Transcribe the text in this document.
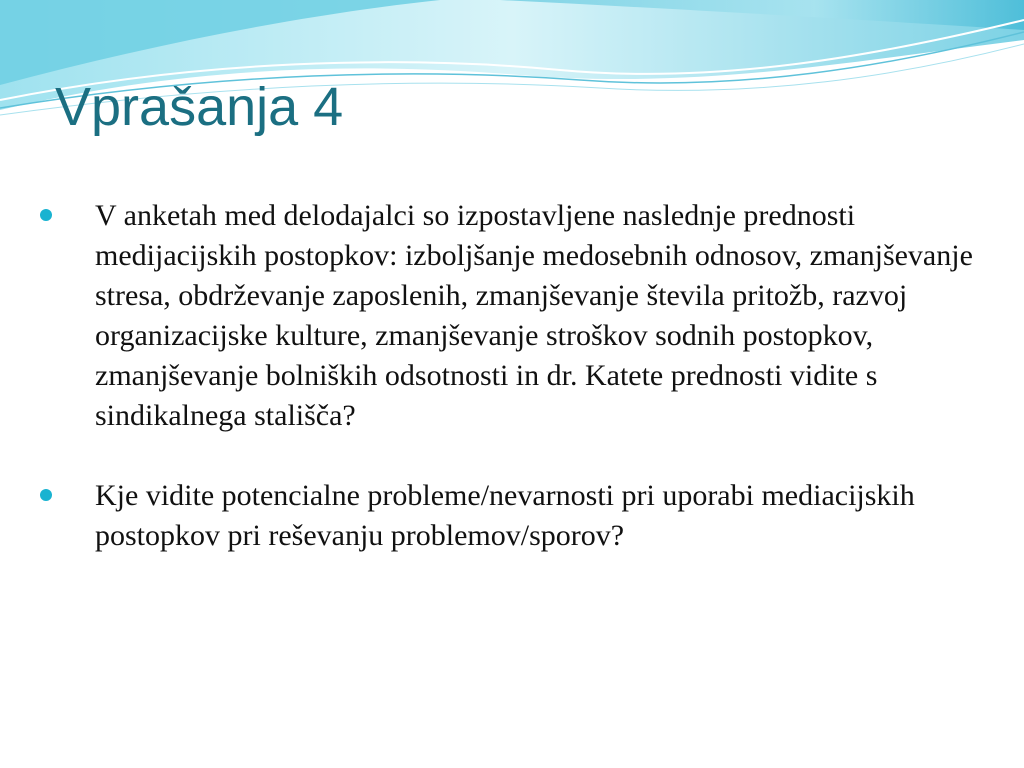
Vprašanja 4
V anketah med delodajalci so izpostavljene naslednje prednosti medijacijskih postopkov: izboljšanje medosebnih odnosov, zmanjševanje stresa, obdrževanje zaposlenih, zmanjševanje števila pritožb, razvoj organizacijske kulture, zmanjševanje stroškov sodnih postopkov, zmanjševanje bolniških odsotnosti in dr. Katete prednosti vidite s sindikalnega stališča?
Kje vidite potencialne probleme/nevarnosti pri uporabi mediacijskih postopkov pri reševanju problemov/sporov?
